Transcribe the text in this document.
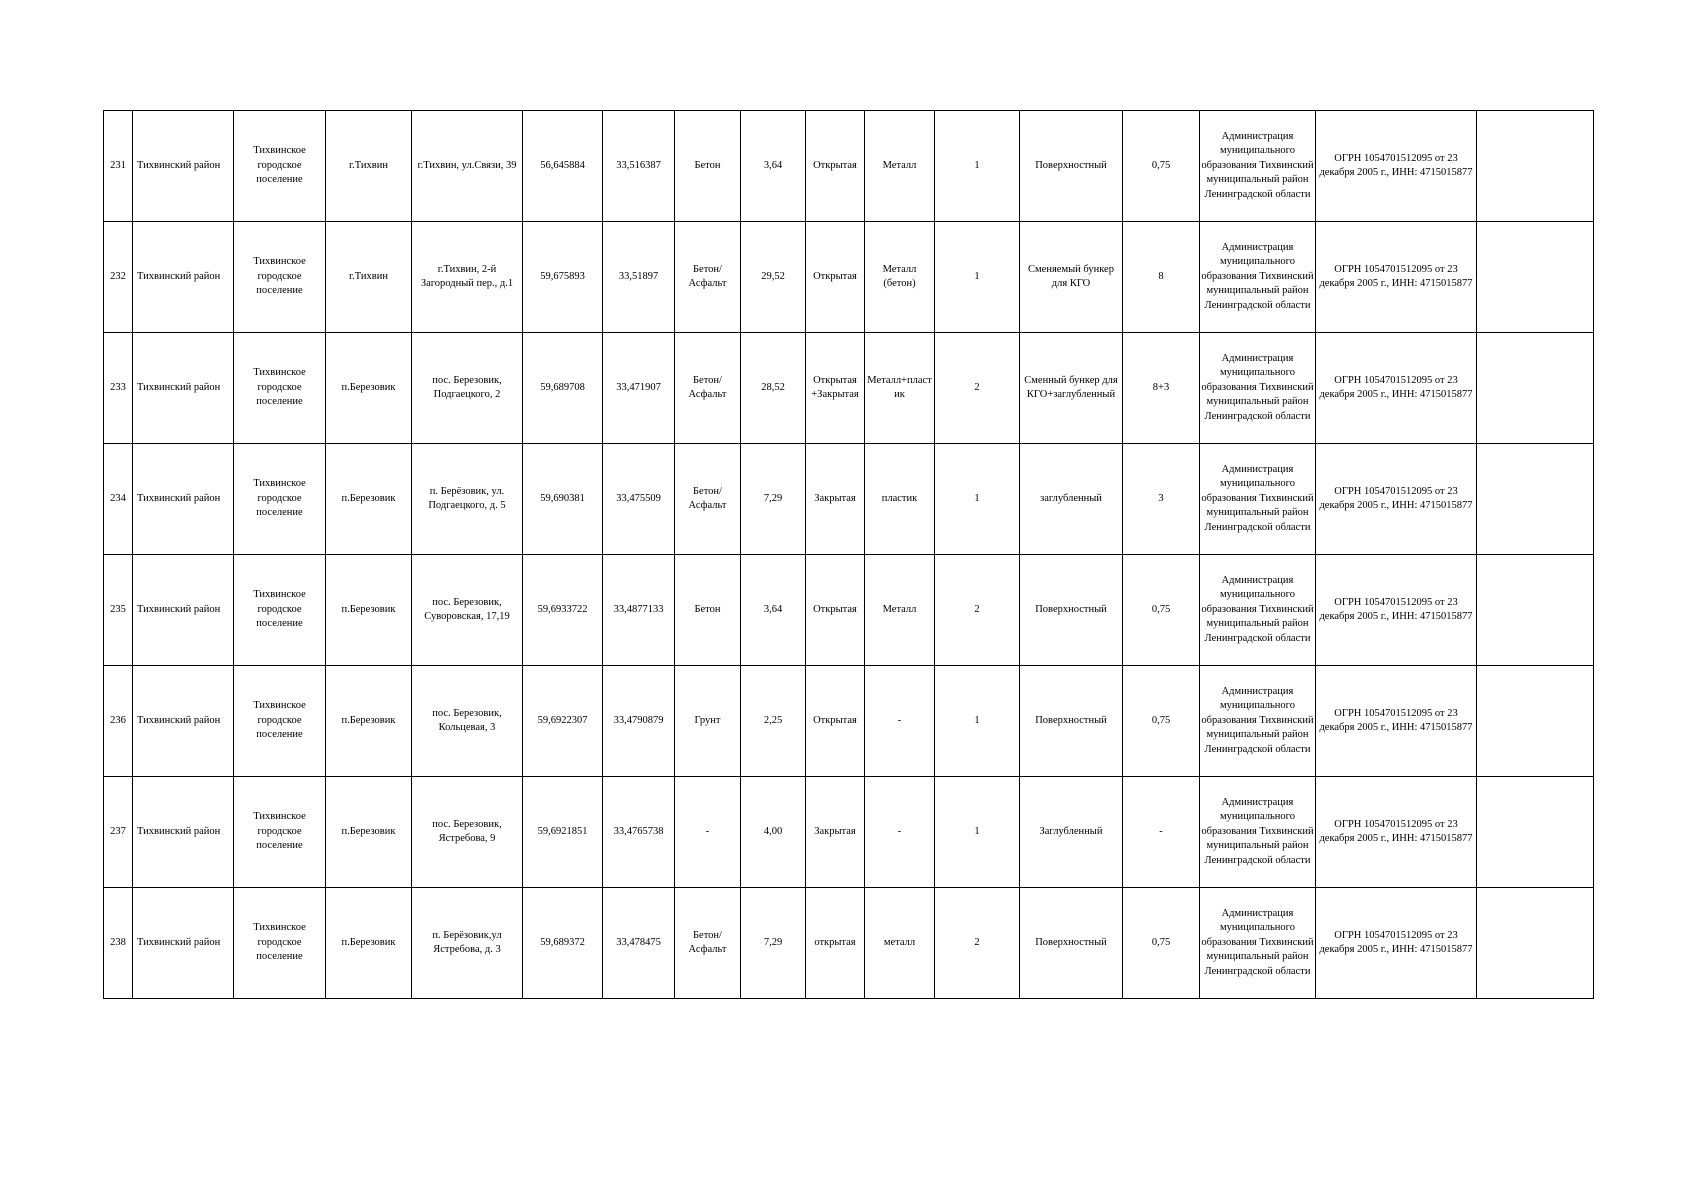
231	Тихвинский район	Тихвинское городское поселение	г.Тихвин	г.Тихвин, ул.Связи, 39	56,645884	33,516387	Бетон	3,64	Открытая	Металл	1	Поверхностный	0,75	Администрация муниципального образования Тихвинский муниципальный район Ленинградской области	ОГРН 1054701512095 от 23 декабря 2005 г., ИНН: 4715015877	
232	Тихвинский район	Тихвинское городское поселение	г.Тихвин	г.Тихвин, 2-й Загородный пер., д.1	59,675893	33,51897	Бетон/Асфальт	29,52	Открытая	Металл (бетон)	1	Сменяемый бункер для КГО	8	Администрация муниципального образования Тихвинский муниципальный район Ленинградской области	ОГРН 1054701512095 от 23 декабря 2005 г., ИНН: 4715015877	
233	Тихвинский район	Тихвинское городское поселение	п.Березовик	пос. Березовик, Подгаецкого, 2	59,689708	33,471907	Бетон/Асфальт	28,52	Открытая +Закрытая	Металл+пластик	2	Сменный бункер для КГО+заглубленный	8+3	Администрация муниципального образования Тихвинский муниципальный район Ленинградской области	ОГРН 1054701512095 от 23 декабря 2005 г., ИНН: 4715015877	
234	Тихвинский район	Тихвинское городское поселение	п.Березовик	п. Берёзовик, ул. Подгаецкого, д. 5	59,690381	33,475509	Бетон/Асфальт	7,29	Закрытая	пластик	1	заглубленный	3	Администрация муниципального образования Тихвинский муниципальный район Ленинградской области	ОГРН 1054701512095 от 23 декабря 2005 г., ИНН: 4715015877	
235	Тихвинский район	Тихвинское городское поселение	п.Березовик	пос. Березовик, Суворовская, 17,19	59,6933722	33,4877133	Бетон	3,64	Открытая	Металл	2	Поверхностный	0,75	Администрация муниципального образования Тихвинский муниципальный район Ленинградской области	ОГРН 1054701512095 от 23 декабря 2005 г., ИНН: 4715015877	
236	Тихвинский район	Тихвинское городское поселение	п.Березовик	пос. Березовик, Кольцевая, 3	59,6922307	33,4790879	Грунт	2,25	Открытая	-	1	Поверхностный	0,75	Администрация муниципального образования Тихвинский муниципальный район Ленинградской области	ОГРН 1054701512095 от 23 декабря 2005 г., ИНН: 4715015877	
237	Тихвинский район	Тихвинское городское поселение	п.Березовик	пос. Березовик, Ястребова, 9	59,6921851	33,4765738	-	4,00	Закрытая	-	1	Заглубленный	-	Администрация муниципального образования Тихвинский муниципальный район Ленинградской области	ОГРН 1054701512095 от 23 декабря 2005 г., ИНН: 4715015877	
238	Тихвинский район	Тихвинское городское поселение	п.Березовик	п. Берёзовик,ул Ястребова, д. 3	59,689372	33,478475	Бетон/Асфальт	7,29	открытая	металл	2	Поверхностный	0,75	Администрация муниципального образования Тихвинский муниципальный район Ленинградской области	ОГРН 1054701512095 от 23 декабря 2005 г., ИНН: 4715015877	
